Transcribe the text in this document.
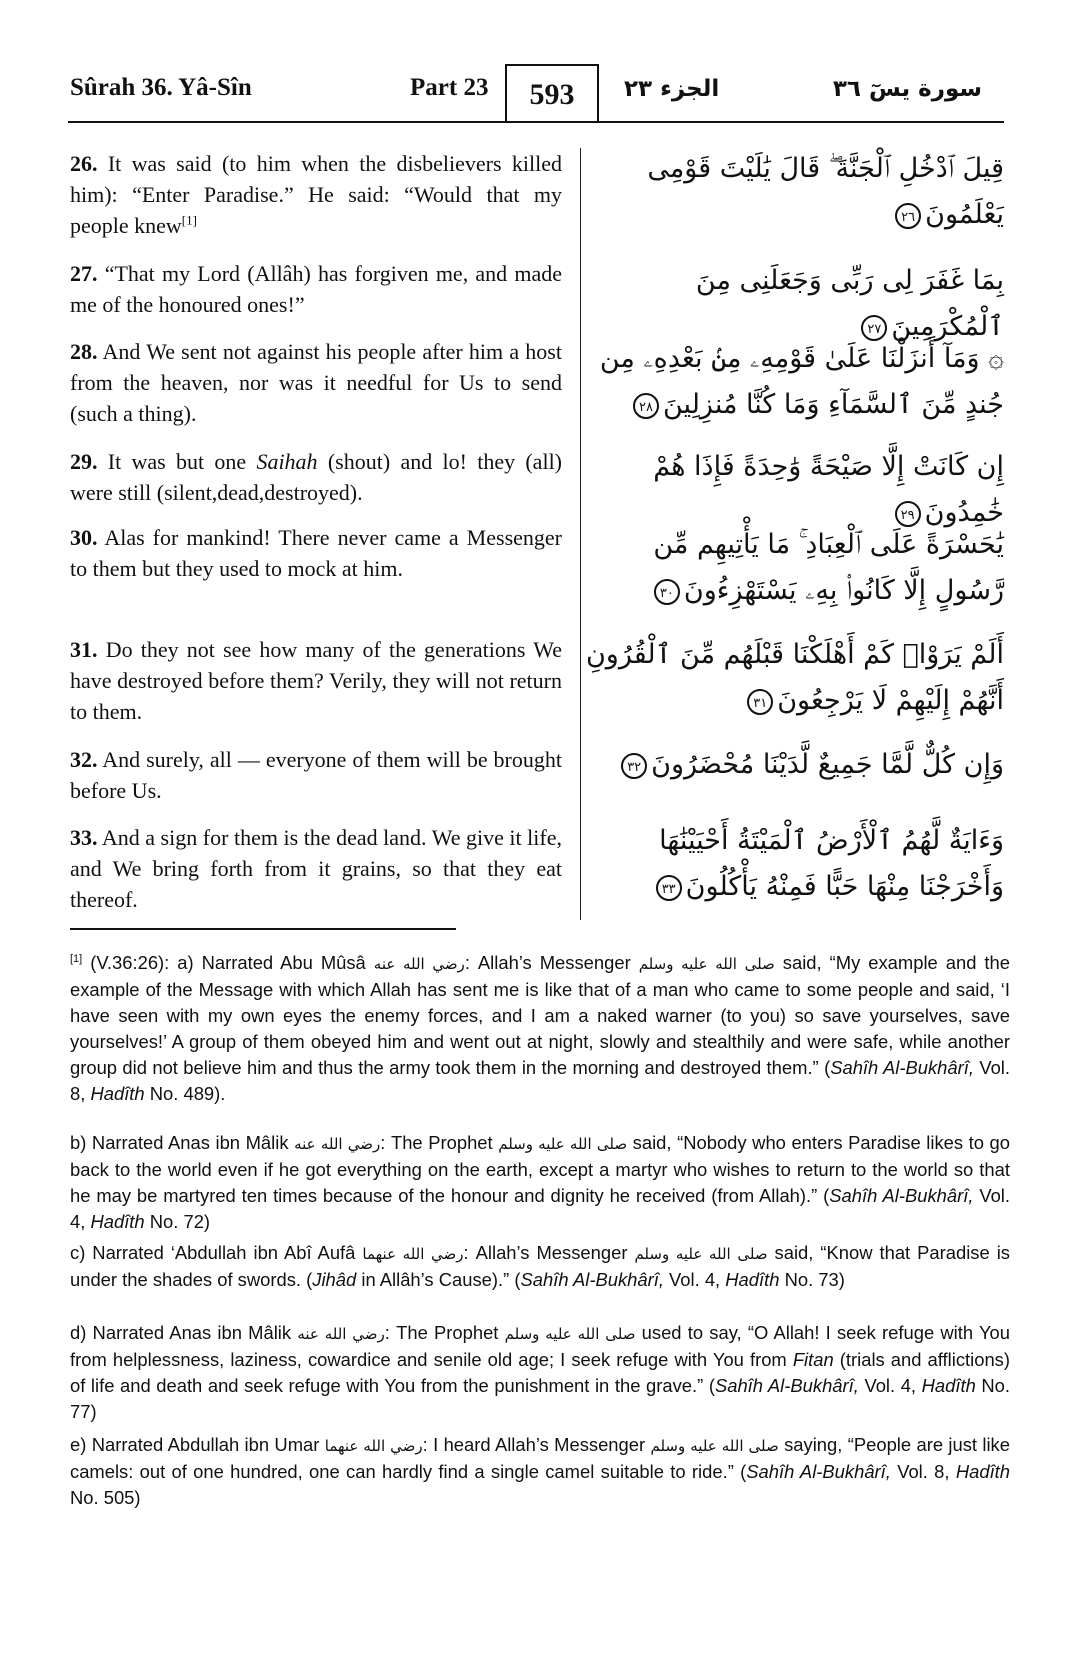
Sûrah 36. Yâ-Sîn	Part 23	593	الجزء ٢٣	سورة يسٓ ٣٦
26. It was said (to him when the disbelievers killed him): “Enter Paradise.” He said: “Would that my people knew[1]
قِيلَ ٱدْخُلِ ٱلْجَنَّةَ ۖ قَالَ يَٰلَيْتَ قَوْمِى يَعْلَمُونَ٢٦
27. “That my Lord (Allâh) has forgiven me, and made me of the honoured ones!”
بِمَا غَفَرَ لِى رَبِّى وَجَعَلَنِى مِنَ ٱلْمُكْرَمِينَ٢٧
28. And We sent not against his people after him a host from the heaven, nor was it needful for Us to send (such a thing).
۞ وَمَآ أَنزَلْنَا عَلَىٰ قَوْمِهِۦ مِنۢ بَعْدِهِۦ مِن جُندٍ مِّنَ ٱلسَّمَآءِ وَمَا كُنَّا مُنزِلِينَ٢٨
29. It was but one Saihah (shout) and lo! they (all) were still (silent,dead,destroyed).
إِن كَانَتْ إِلَّا صَيْحَةً وَٰحِدَةً فَإِذَا هُمْ خَٰمِدُونَ٢٩
30. Alas for mankind! There never came a Messenger to them but they used to mock at him.
يَٰحَسْرَةً عَلَى ٱلْعِبَادِ ۚ مَا يَأْتِيهِم مِّن رَّسُولٍ إِلَّا كَانُوا۟ بِهِۦ يَسْتَهْزِءُونَ٣٠
31. Do they not see how many of the generations We have destroyed before them? Verily, they will not return to them.
أَلَمْ يَرَوْا۟ كَمْ أَهْلَكْنَا قَبْلَهُم مِّنَ ٱلْقُرُونِ أَنَّهُمْ إِلَيْهِمْ لَا يَرْجِعُونَ٣١
32. And surely, all — everyone of them will be brought before Us.
وَإِن كُلٌّ لَّمَّا جَمِيعٌ لَّدَيْنَا مُحْضَرُونَ٣٢
33. And a sign for them is the dead land. We give it life, and We bring forth from it grains, so that they eat thereof.
وَءَايَةٌ لَّهُمُ ٱلْأَرْضُ ٱلْمَيْتَةُ أَحْيَيْنَٰهَا وَأَخْرَجْنَا مِنْهَا حَبًّا فَمِنْهُ يَأْكُلُونَ٣٣
[1] (V.36:26): a) Narrated Abu Mûsâ رضي الله عنه: Allah’s Messenger صلى الله عليه وسلم said, “My example and the example of the Message with which Allah has sent me is like that of a man who came to some people and said, ‘I have seen with my own eyes the enemy forces, and I am a naked warner (to you) so save yourselves, save yourselves!’ A group of them obeyed him and went out at night, slowly and stealthily and were safe, while another group did not believe him and thus the army took them in the morning and destroyed them.” (Sahîh Al-Bukhârî, Vol. 8, Hadîth No. 489).
b) Narrated Anas ibn Mâlik رضي الله عنه: The Prophet صلى الله عليه وسلم said, “Nobody who enters Paradise likes to go back to the world even if he got everything on the earth, except a martyr who wishes to return to the world so that he may be martyred ten times because of the honour and dignity he received (from Allah).” (Sahîh Al-Bukhârî, Vol. 4, Hadîth No. 72)
c) Narrated ‘Abdullah ibn Abî Aufâ رضي الله عنهما: Allah’s Messenger صلى الله عليه وسلم said, “Know that Paradise is under the shades of swords. (Jihâd in Allâh’s Cause).” (Sahîh Al-Bukhârî, Vol. 4, Hadîth No. 73)
d) Narrated Anas ibn Mâlik رضي الله عنه: The Prophet صلى الله عليه وسلم used to say, “O Allah! I seek refuge with You from helplessness, laziness, cowardice and senile old age; I seek refuge with You from Fitan (trials and afflictions) of life and death and seek refuge with You from the punishment in the grave.” (Sahîh Al-Bukhârî, Vol. 4, Hadîth No. 77)
e) Narrated Abdullah ibn Umar رضي الله عنهما: I heard Allah’s Messenger صلى الله عليه وسلم saying, “People are just like camels: out of one hundred, one can hardly find a single camel suitable to ride.” (Sahîh Al-Bukhârî, Vol. 8, Hadîth No. 505)
